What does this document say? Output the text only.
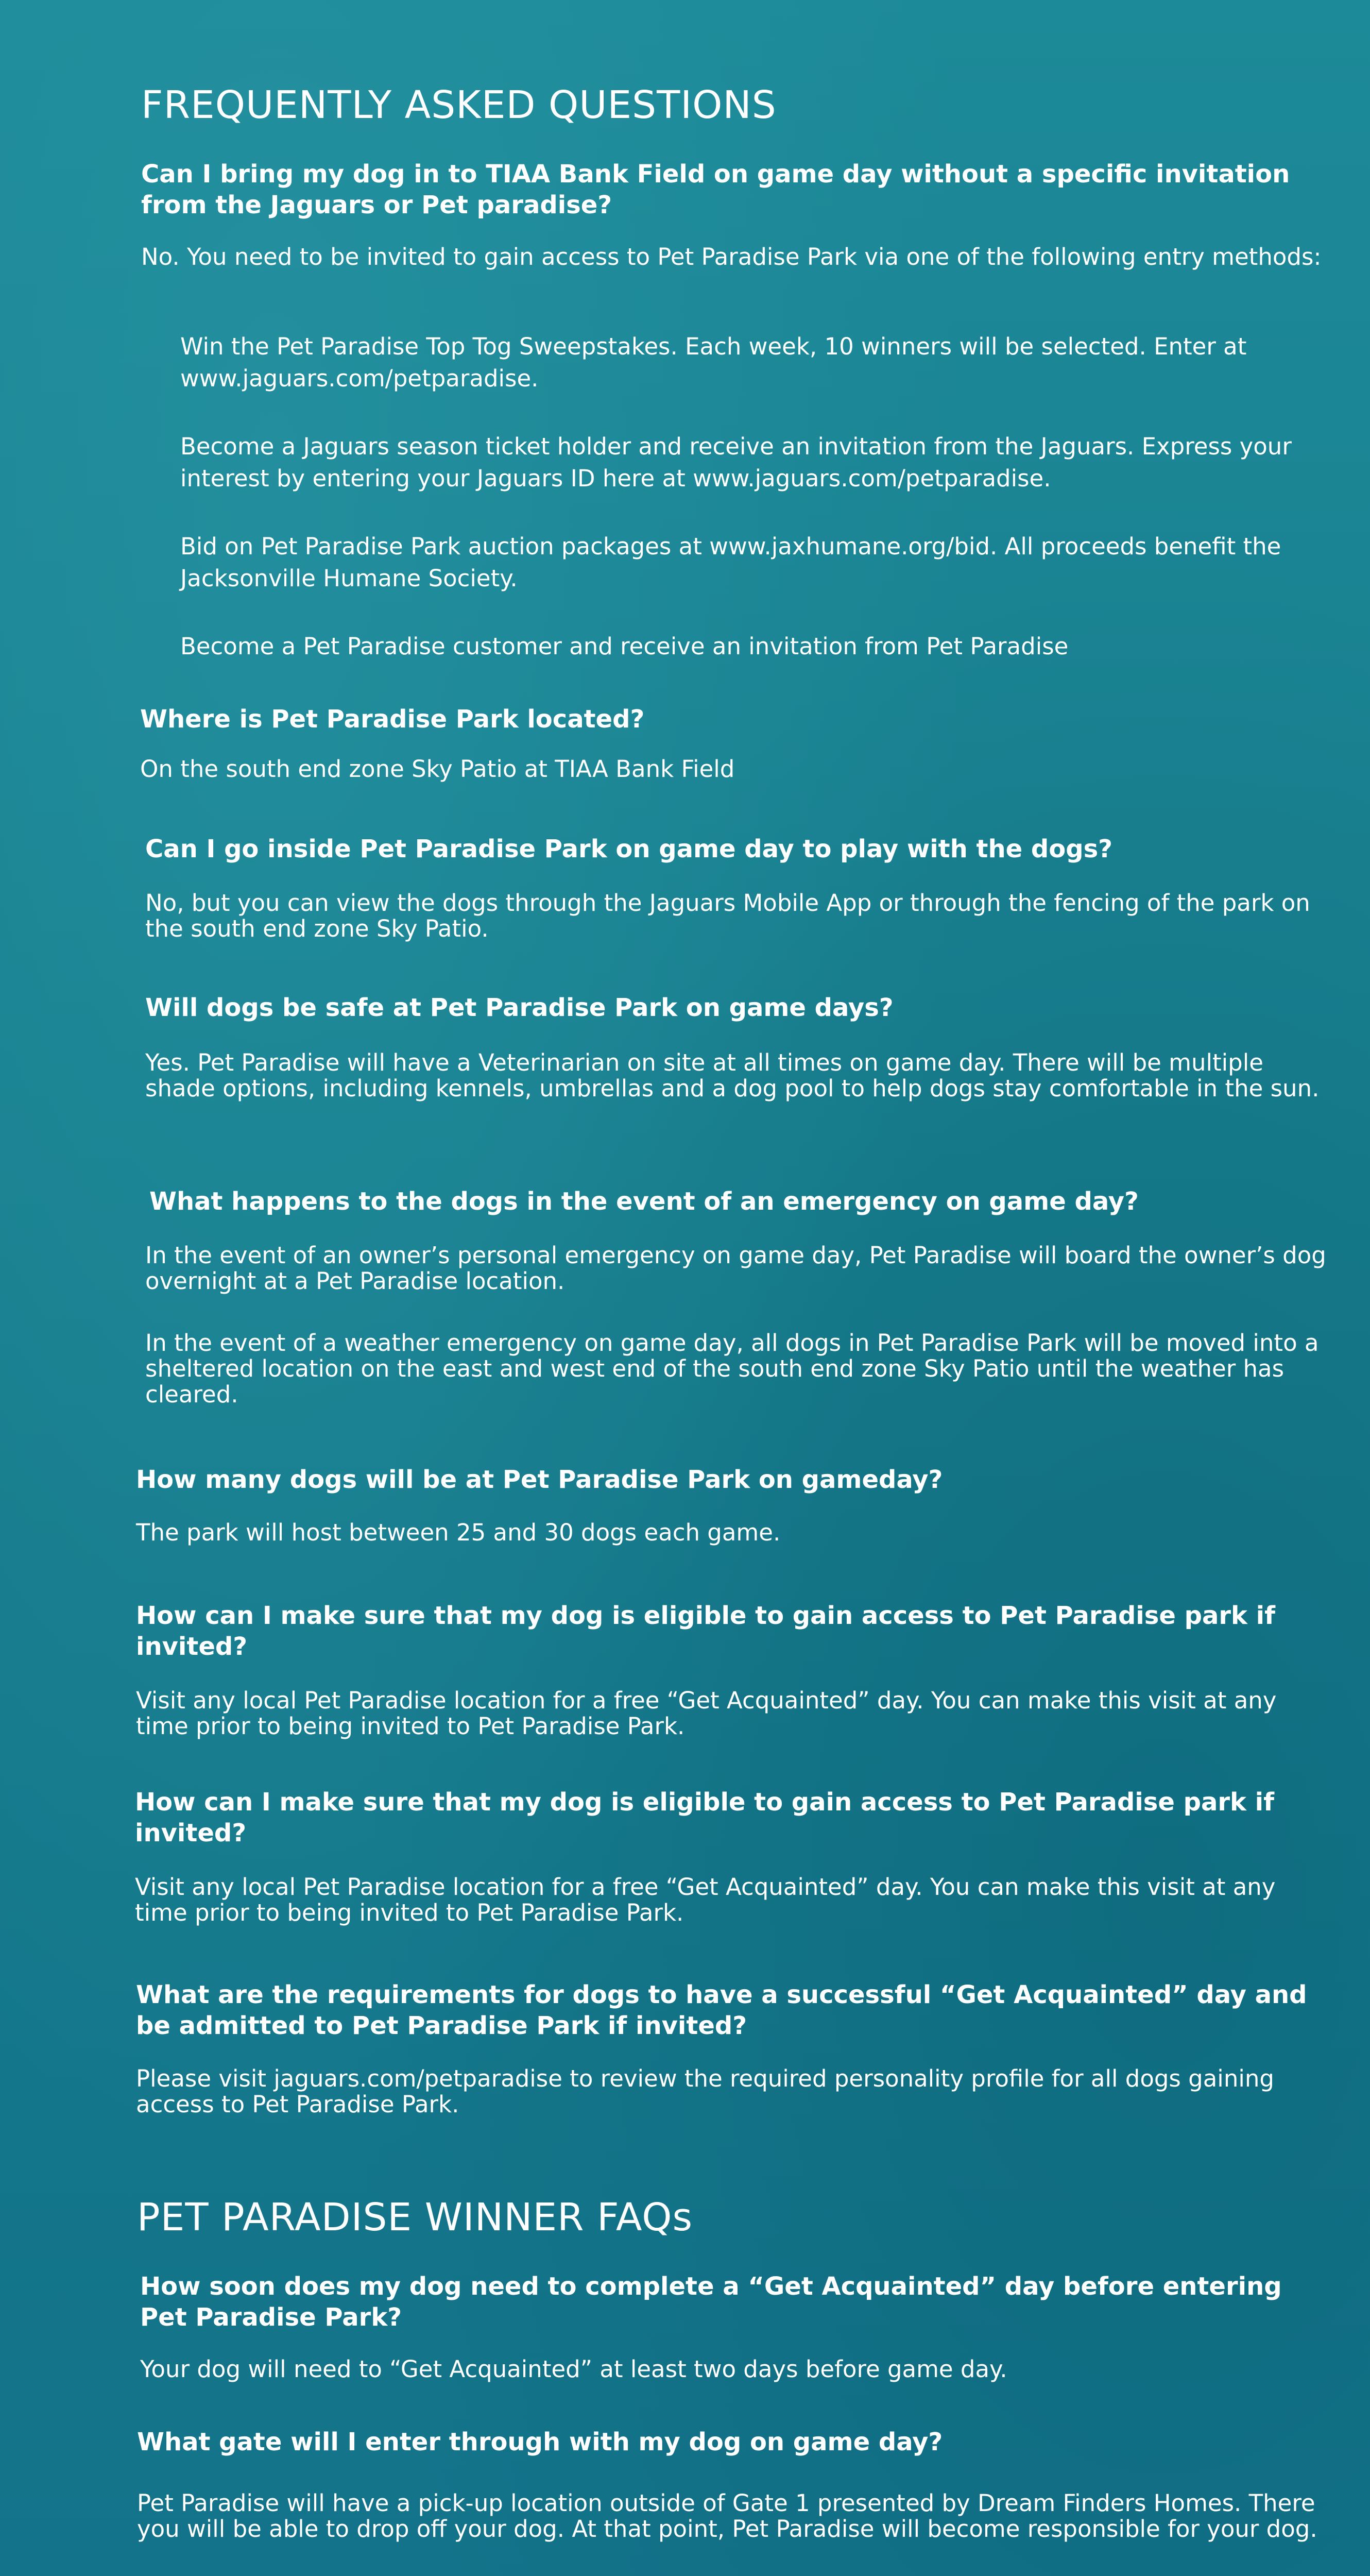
FREQUENTLY ASKED QUESTIONS
Can I bring my dog in to TIAA Bank Field on game day without a specific invitation from the Jaguars or Pet paradise?

No. You need to be invited to gain access to Pet Paradise Park via one of the following entry methods:

Win the Pet Paradise Top Tog Sweepstakes. Each week, 10 winners will be selected. Enter at www.jaguars.com/petparadise.

Become a Jaguars season ticket holder and receive an invitation from the Jaguars. Express your interest by entering your Jaguars ID here at www.jaguars.com/petparadise.

Bid on Pet Paradise Park auction packages at www.jaxhumane.org/bid. All proceeds benefit the Jacksonville Humane Society.

Become a Pet Paradise customer and receive an invitation from Pet Paradise

Where is Pet Paradise Park located?

On the south end zone Sky Patio at TIAA Bank Field

Can I go inside Pet Paradise Park on game day to play with the dogs?

No, but you can view the dogs through the Jaguars Mobile App or through the fencing of the park on the south end zone Sky Patio.

Will dogs be safe at Pet Paradise Park on game days?

Yes. Pet Paradise will have a Veterinarian on site at all times on game day. There will be multiple shade options, including kennels, umbrellas and a dog pool to help dogs stay comfortable in the sun.

What happens to the dogs in the event of an emergency on game day?

In the event of an owner’s personal emergency on game day, Pet Paradise will board the owner’s dog overnight at a Pet Paradise location.

In the event of a weather emergency on game day, all dogs in Pet Paradise Park will be moved into a sheltered location on the east and west end of the south end zone Sky Patio until the weather has cleared.

How many dogs will be at Pet Paradise Park on gameday?

The park will host between 25 and 30 dogs each game.

How can I make sure that my dog is eligible to gain access to Pet Paradise park if invited?

Visit any local Pet Paradise location for a free “Get Acquainted” day. You can make this visit at any time prior to being invited to Pet Paradise Park.

How can I make sure that my dog is eligible to gain access to Pet Paradise park if invited?

Visit any local Pet Paradise location for a free “Get Acquainted” day. You can make this visit at any time prior to being invited to Pet Paradise Park.

What are the requirements for dogs to have a successful “Get Acquainted” day and be admitted to Pet Paradise Park if invited?

Please visit jaguars.com/petparadise to review the required personality profile for all dogs gaining access to Pet Paradise Park.

PET PARADISE WINNER FAQs
How soon does my dog need to complete a “Get Acquainted” day before entering Pet Paradise Park?

Your dog will need to “Get Acquainted” at least two days before game day.

What gate will I enter through with my dog on game day?

Pet Paradise will have a pick-up location outside of Gate 1 presented by Dream Finders Homes. There you will be able to drop off your dog. At that point, Pet Paradise will become responsible for your dog.
